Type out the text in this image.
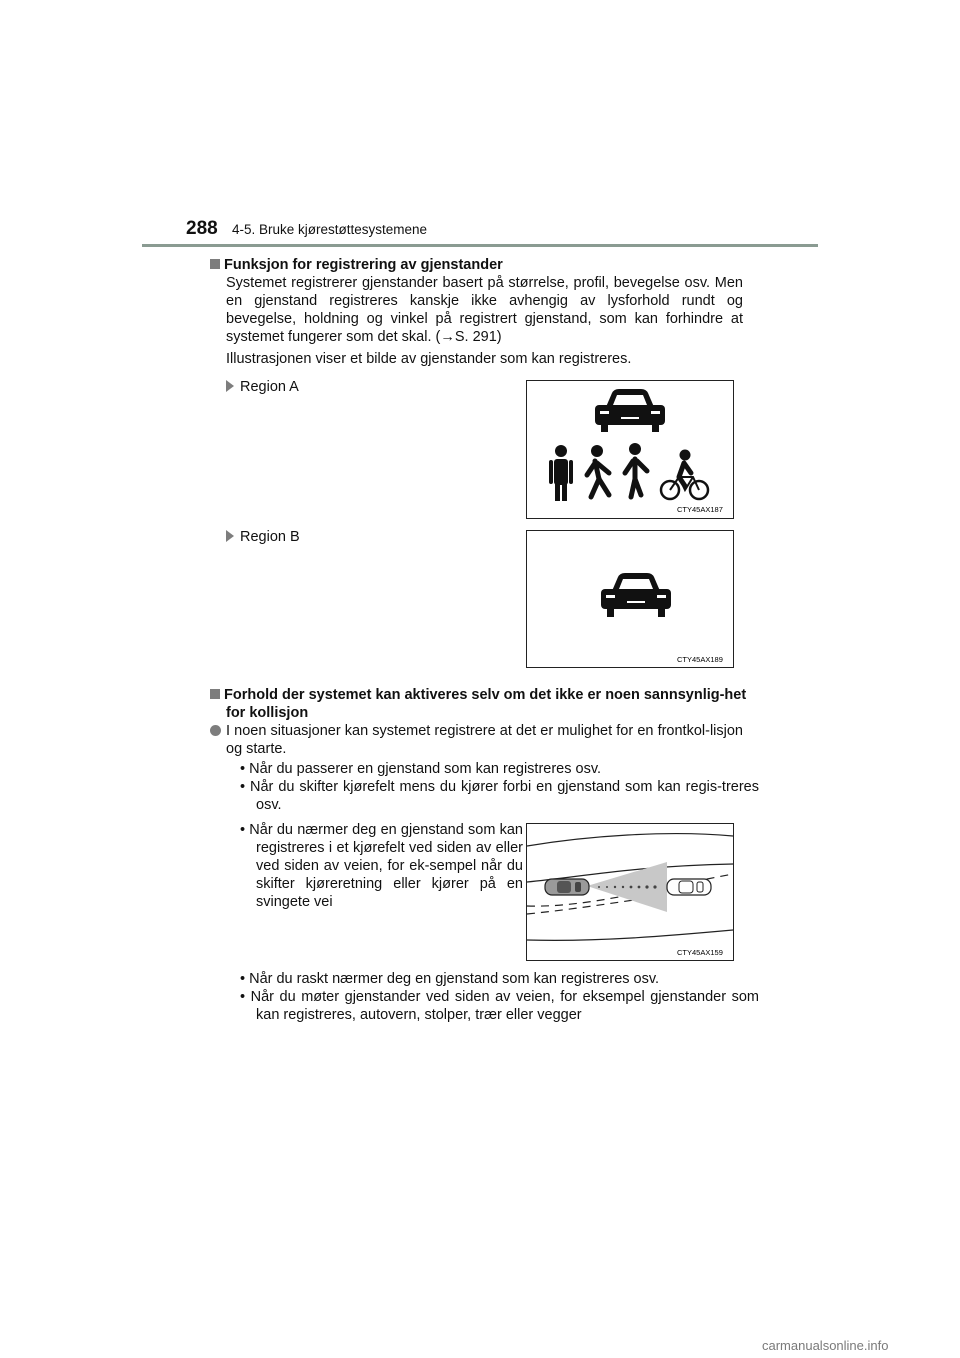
288 4-5. Bruke kjørestøttesystemene
Funksjon for registrering av gjenstander
Systemet registrerer gjenstander basert på størrelse, profil, bevegelse osv. Men en gjenstand registreres kanskje ikke avhengig av lysforhold rundt og bevegelse, holdning og vinkel på registrert gjenstand, som kan forhindre at systemet fungerer som det skal. (→S. 291)
Illustrasjonen viser et bilde av gjenstander som kan registreres.
Region A
CTY45AX187
Region B
CTY45AX189
Forhold der systemet kan aktiveres selv om det ikke er noen sannsynlig-het for kollisjon
I noen situasjoner kan systemet registrere at det er mulighet for en frontkol-lisjon og starte.
• Når du passerer en gjenstand som kan registreres osv.
• Når du skifter kjørefelt mens du kjører forbi en gjenstand som kan regis-treres osv.
• Når du nærmer deg en gjenstand som kan registreres i et kjørefelt ved siden av eller ved siden av veien, for ek-sempel når du skifter kjøreretning eller kjører på en svingete vei
CTY45AX159
• Når du raskt nærmer deg en gjenstand som kan registreres osv.
• Når du møter gjenstander ved siden av veien, for eksempel gjenstander som kan registreres, autovern, stolper, trær eller vegger
carmanualsonline.info
